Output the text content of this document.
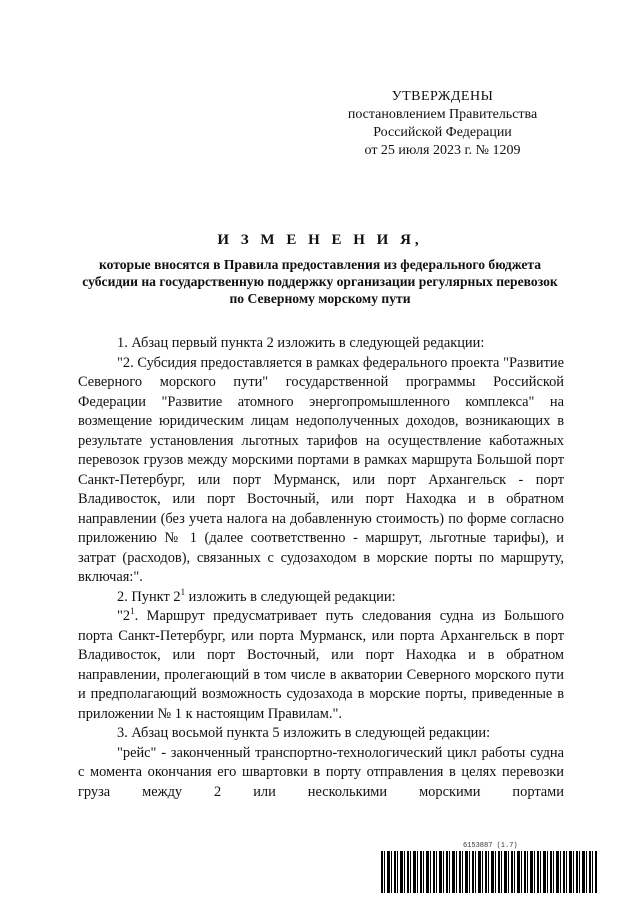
УТВЕРЖДЕНЫ
постановлением Правительства
Российской Федерации
от 25 июля 2023 г. № 1209
И З М Е Н Е Н И Я,
которые вносятся в Правила предоставления из федерального бюджета субсидии на государственную поддержку организации регулярных перевозок по Северному морскому пути

1. Абзац первый пункта 2 изложить в следующей редакции:

"2. Субсидия предоставляется в рамках федерального проекта "Развитие Северного морского пути" государственной программы Российской Федерации "Развитие атомного энергопромышленного комплекса" на возмещение юридическим лицам недополученных доходов, возникающих в результате установления льготных тарифов на осуществление каботажных перевозок грузов между морскими портами в рамках маршрута Большой порт Санкт-Петербург, или порт Мурманск, или порт Архангельск - порт Владивосток, или порт Восточный, или порт Находка и в обратном направлении (без учета налога на добавленную стоимость) по форме согласно приложению № 1 (далее соответственно - маршрут, льготные тарифы), и затрат (расходов), связанных с судозаходом в морские порты по маршруту, включая:".

2. Пункт $2^1$ изложить в следующей редакции:

"$2^1$. Маршрут предусматривает путь следования судна из Большого порта Санкт-Петербург, или порта Мурманск, или порта Архангельск в порт Владивосток, или порт Восточный, или порт Находка и в обратном направлении, пролегающий в том числе в акватории Северного морского пути и предполагающий возможность судозахода в морские порты, приведенные в приложении № 1 к настоящим Правилам.".

3. Абзац восьмой пункта 5 изложить в следующей редакции:

"рейс" - законченный транспортно-технологический цикл работы судна с момента окончания его швартовки в порту отправления в целях перевозки груза между 2 или несколькими морскими портами

6153887 (1.7)
